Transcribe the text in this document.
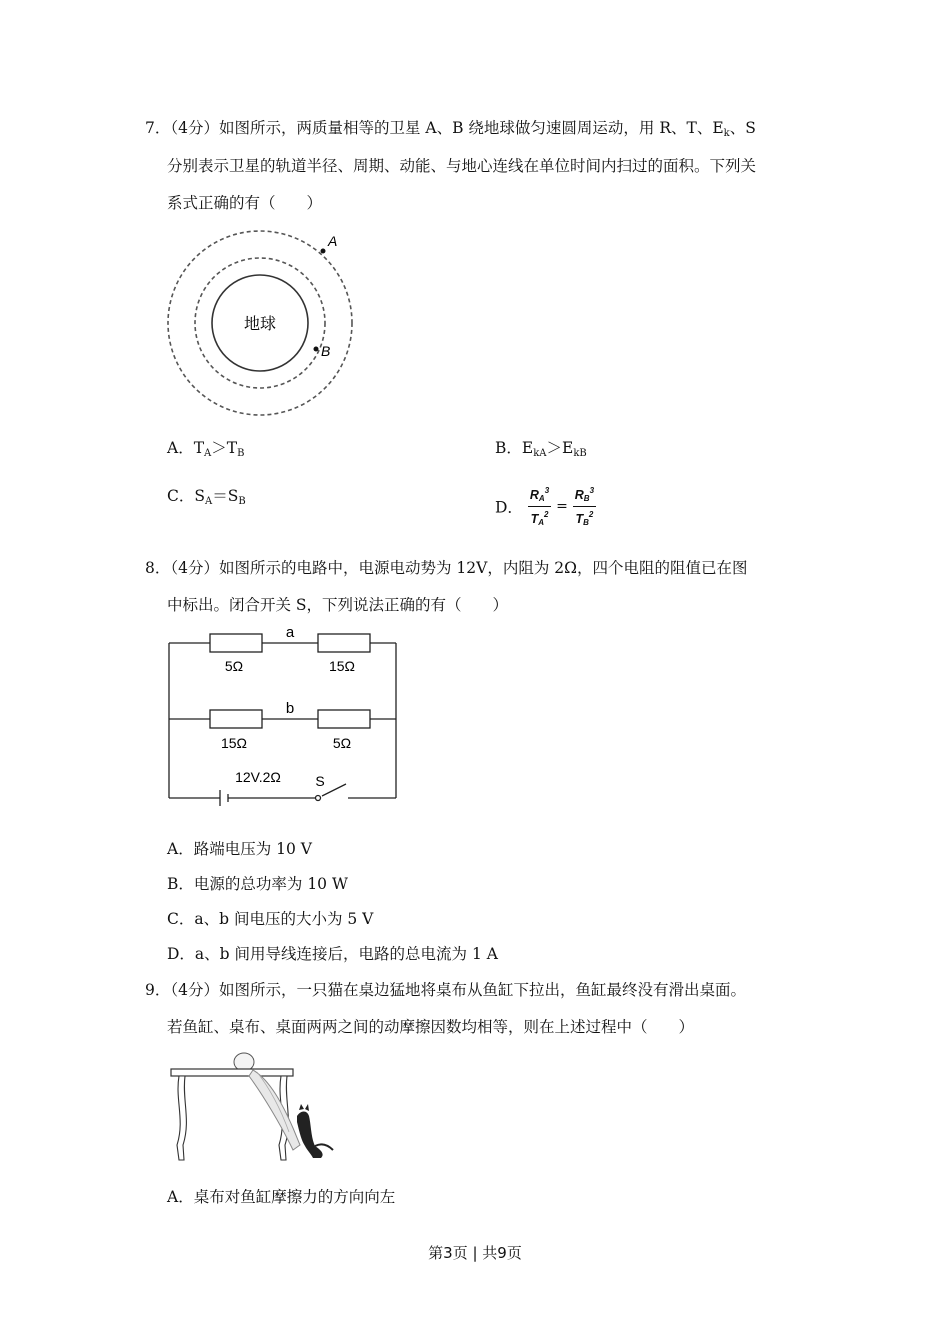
7．（4分）如图所示，两质量相等的卫星 A、B 绕地球做匀速圆周运动，用 R、T、$E_k$、S
分别表示卫星的轨道半径、周期、动能、与地心连线在单位时间内扫过的面积。下列关
系式正确的有（　　）
地球
A
B
A．$T_A>T_B$	B．$E_{kA}>E_{kB}$
C．$S_A=S_B$	D． $\frac{R_A^3}{T_A^2} = \frac{R_B^3}{T_B^2}$
8．（4分）如图所示的电路中，电源电动势为 12V，内阻为 2Ω，四个电阻的阻值已在图
中标出。闭合开关 S，下列说法正确的有（　　）
a
b
5Ω	15Ω
15Ω	5Ω
12V.2Ω S
A．路端电压为 10 V
B．电源的总功率为 10 W
C．a、b 间电压的大小为 5 V
D．a、b 间用导线连接后，电路的总电流为 1 A
9．（4分）如图所示，一只猫在桌边猛地将桌布从鱼缸下拉出，鱼缸最终没有滑出桌面。
若鱼缸、桌布、桌面两两之间的动摩擦因数均相等，则在上述过程中（　　）
A．桌布对鱼缸摩擦力的方向向左
第3页 | 共9页
